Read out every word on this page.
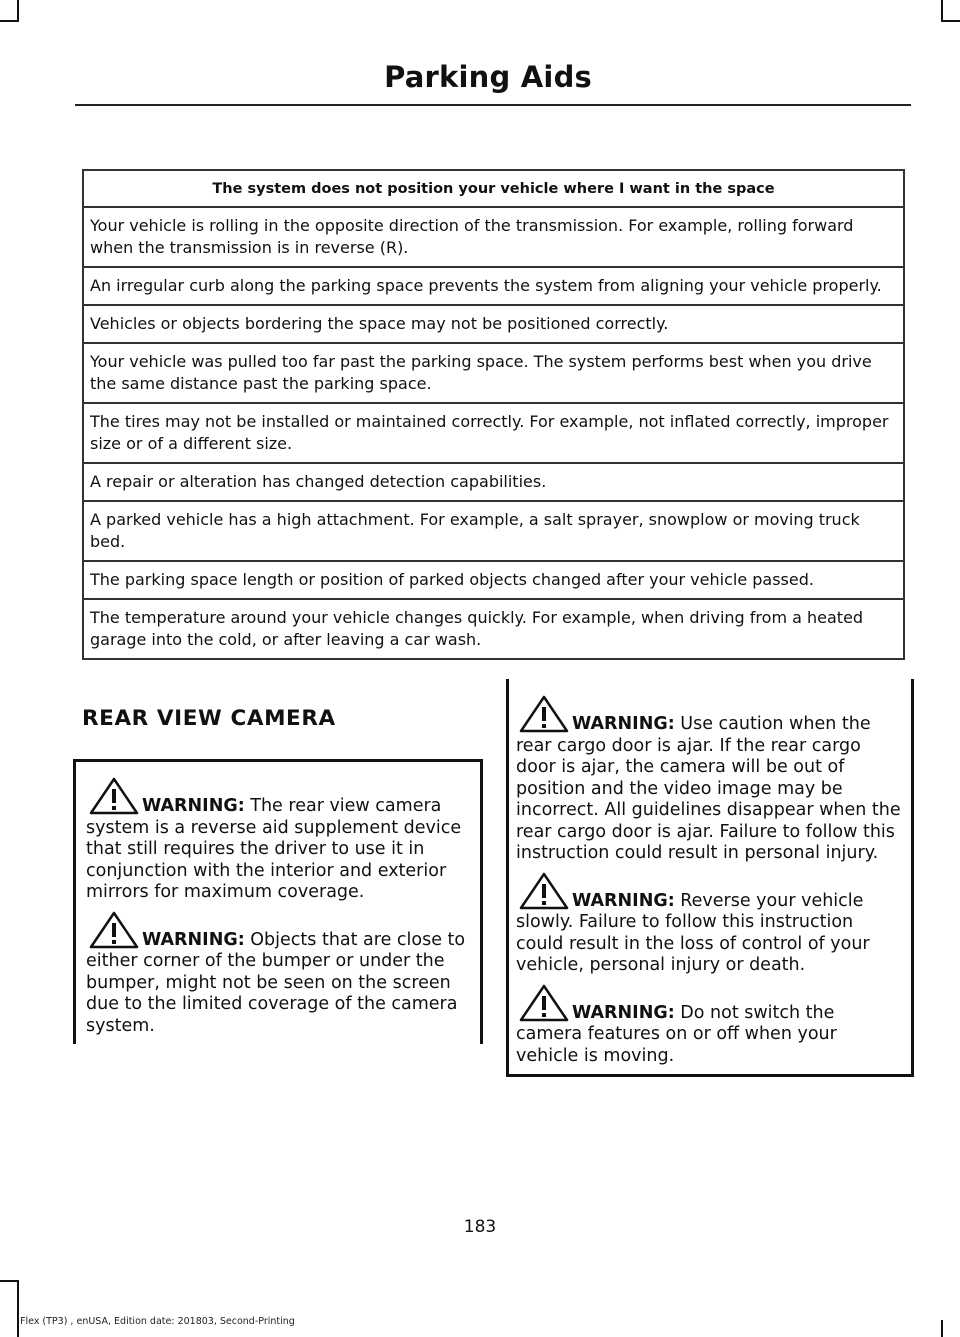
Parking Aids
The system does not position your vehicle where I want in the space
Your vehicle is rolling in the opposite direction of the transmission. For example, rolling forward when the transmission is in reverse (R).
An irregular curb along the parking space prevents the system from aligning your vehicle properly.
Vehicles or objects bordering the space may not be positioned correctly.
Your vehicle was pulled too far past the parking space. The system performs best when you drive the same distance past the parking space.
The tires may not be installed or maintained correctly. For example, not inflated correctly, improper size or of a different size.
A repair or alteration has changed detection capabilities.
A parked vehicle has a high attachment. For example, a salt sprayer, snowplow or moving truck bed.
The parking space length or position of parked objects changed after your vehicle passed.
The temperature around your vehicle changes quickly. For example, when driving from a heated garage into the cold, or after leaving a car wash.
REAR VIEW CAMERA
WARNING: The rear view camera system is a reverse aid supplement device that still requires the driver to use it in conjunction with the interior and exterior mirrors for maximum coverage.
WARNING: Objects that are close to either corner of the bumper or under the bumper, might not be seen on the screen due to the limited coverage of the camera system.
WARNING: Use caution when the rear cargo door is ajar. If the rear cargo door is ajar, the camera will be out of position and the video image may be incorrect. All guidelines disappear when the rear cargo door is ajar. Failure to follow this instruction could result in personal injury.
WARNING: Reverse your vehicle slowly. Failure to follow this instruction could result in the loss of control of your vehicle, personal injury or death.
WARNING: Do not switch the camera features on or off when your vehicle is moving.
183
Flex (TP3) , enUSA, Edition date: 201803, Second-Printing
